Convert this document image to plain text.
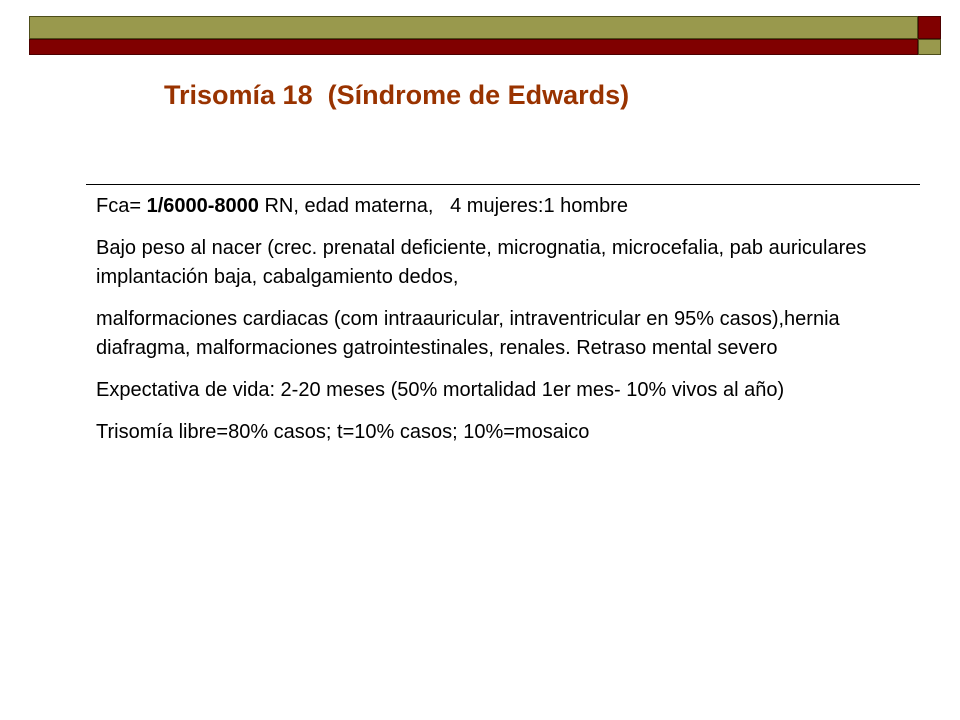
Trisomía 18  (Síndrome de Edwards)

Fca= 1/6000-8000 RN, edad materna,   4 mujeres:1 hombre

Bajo peso al nacer (crec. prenatal deficiente, micrognatia, microcefalia, pab auriculares implantación baja, cabalgamiento dedos,

malformaciones cardiacas (com intraauricular, intraventricular en 95% casos),hernia diafragma, malformaciones gatrointestinales, renales. Retraso mental severo

Expectativa de vida: 2-20 meses (50% mortalidad 1er mes- 10% vivos al año)

Trisomía libre=80% casos; t=10% casos; 10%=mosaico
